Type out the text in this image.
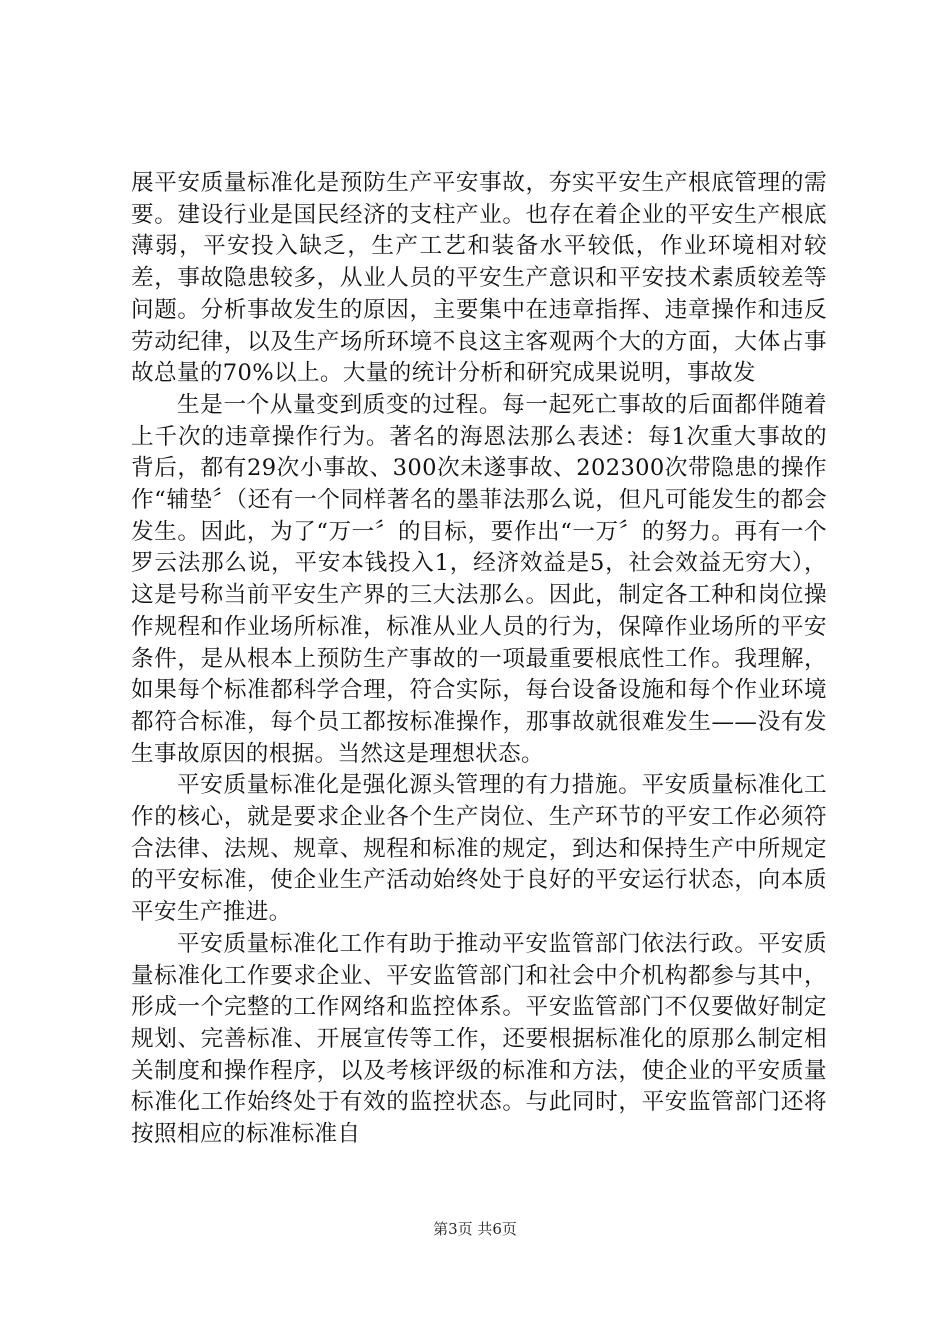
展平安质量标准化是预防生产平安事故，夯实平安生产根底管理的需要。建设行业是国民经济的支柱产业。也存在着企业的平安生产根底薄弱，平安投入缺乏，生产工艺和装备水平较低，作业环境相对较差，事故隐患较多，从业人员的平安生产意识和平安技术素质较差等问题。分析事故发生的原因，主要集中在违章指挥、违章操作和违反劳动纪律，以及生产场所环境不良这主客观两个大的方面，大体占事故总量的70%以上。大量的统计分析和研究成果说明，事故发

生是一个从量变到质变的过程。每一起死亡事故的后面都伴随着上千次的违章操作行为。著名的海恩法那么表述：每1次重大事故的背后，都有29次小事故、300次未遂事故、202300次带隐患的操作作“辅垫〞（还有一个同样著名的墨菲法那么说，但凡可能发生的都会发生。因此，为了“万一〞的目标，要作出“一万〞的努力。再有一个罗云法那么说，平安本钱投入1，经济效益是5，社会效益无穷大），这是号称当前平安生产界的三大法那么。因此，制定各工种和岗位操作规程和作业场所标准，标准从业人员的行为，保障作业场所的平安条件，是从根本上预防生产事故的一项最重要根底性工作。我理解，如果每个标准都科学合理，符合实际，每台设备设施和每个作业环境都符合标准，每个员工都按标准操作，那事故就很难发生——没有发生事故原因的根据。当然这是理想状态。

平安质量标准化是强化源头管理的有力措施。平安质量标准化工作的核心，就是要求企业各个生产岗位、生产环节的平安工作必须符合法律、法规、规章、规程和标准的规定，到达和保持生产中所规定的平安标准，使企业生产活动始终处于良好的平安运行状态，向本质平安生产推进。

平安质量标准化工作有助于推动平安监管部门依法行政。平安质量标准化工作要求企业、平安监管部门和社会中介机构都参与其中，形成一个完整的工作网络和监控体系。平安监管部门不仅要做好制定规划、完善标准、开展宣传等工作，还要根据标准化的原那么制定相关制度和操作程序，以及考核评级的标准和方法，使企业的平安质量标准化工作始终处于有效的监控状态。与此同时，平安监管部门还将按照相应的标准标准自

第3页 共6页
